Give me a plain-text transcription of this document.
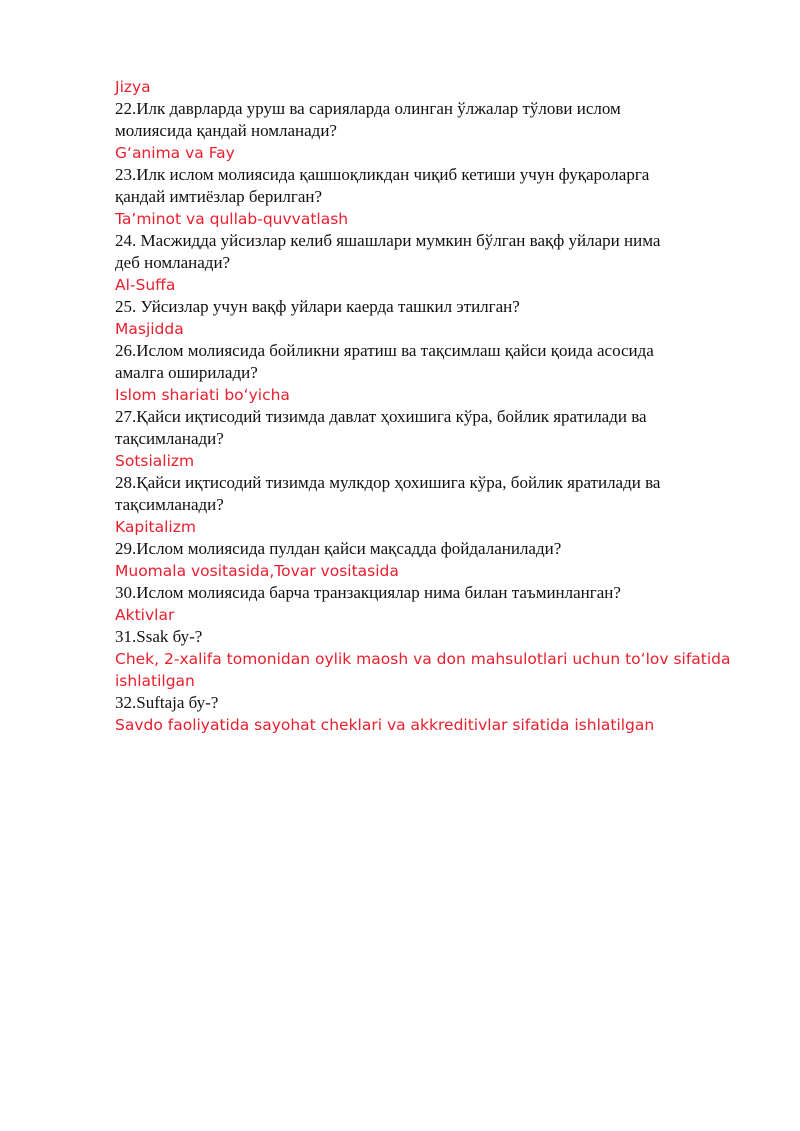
Jizya
22.Илк даврларда уруш ва сарияларда олинган ўлжалар тўлови ислом
молиясида қандай номланади?
G‘anima va Fay
23.Илк ислом молиясида қашшоқликдан чиқиб кетиши учун фуқароларга
қандай имтиёзлар берилган?
Taʼminot va qullab-quvvatlash
24. Масжидда уйсизлар келиб яшашлари мумкин бўлган вақф уйлари нима
деб номланади?
Al-Suffa
25. Уйсизлар учун вақф уйлари каерда ташкил этилган?
Masjidda
26.Ислом молиясида бойликни яратиш ва тақсимлаш қайси қоида асосида
амалга оширилади?
Islom shariati boʻyicha
27.Қайси иқтисодий тизимда давлат ҳохишига кўра, бойлик яратилади ва
тақсимланади?
Sotsializm
28.Қайси иқтисодий тизимда мулкдор ҳохишига кўра, бойлик яратилади ва
тақсимланади?
Kapitalizm
29.Ислом молиясида пулдан қайси мақсадда фойдаланилади?
Muomala vositasida,Tovar vositasida
30.Ислом молиясида барча транзакциялар нима билан таъминланган?
Aktivlar
31.Ssak бу-?
Chek, 2-xalifa tomonidan oylik maosh va don mahsulotlari uchun toʻlov sifatida
ishlatilgan
32.Suftaja бу-?
Savdo faoliyatida sayohat cheklari va akkreditivlar sifatida ishlatilgan
